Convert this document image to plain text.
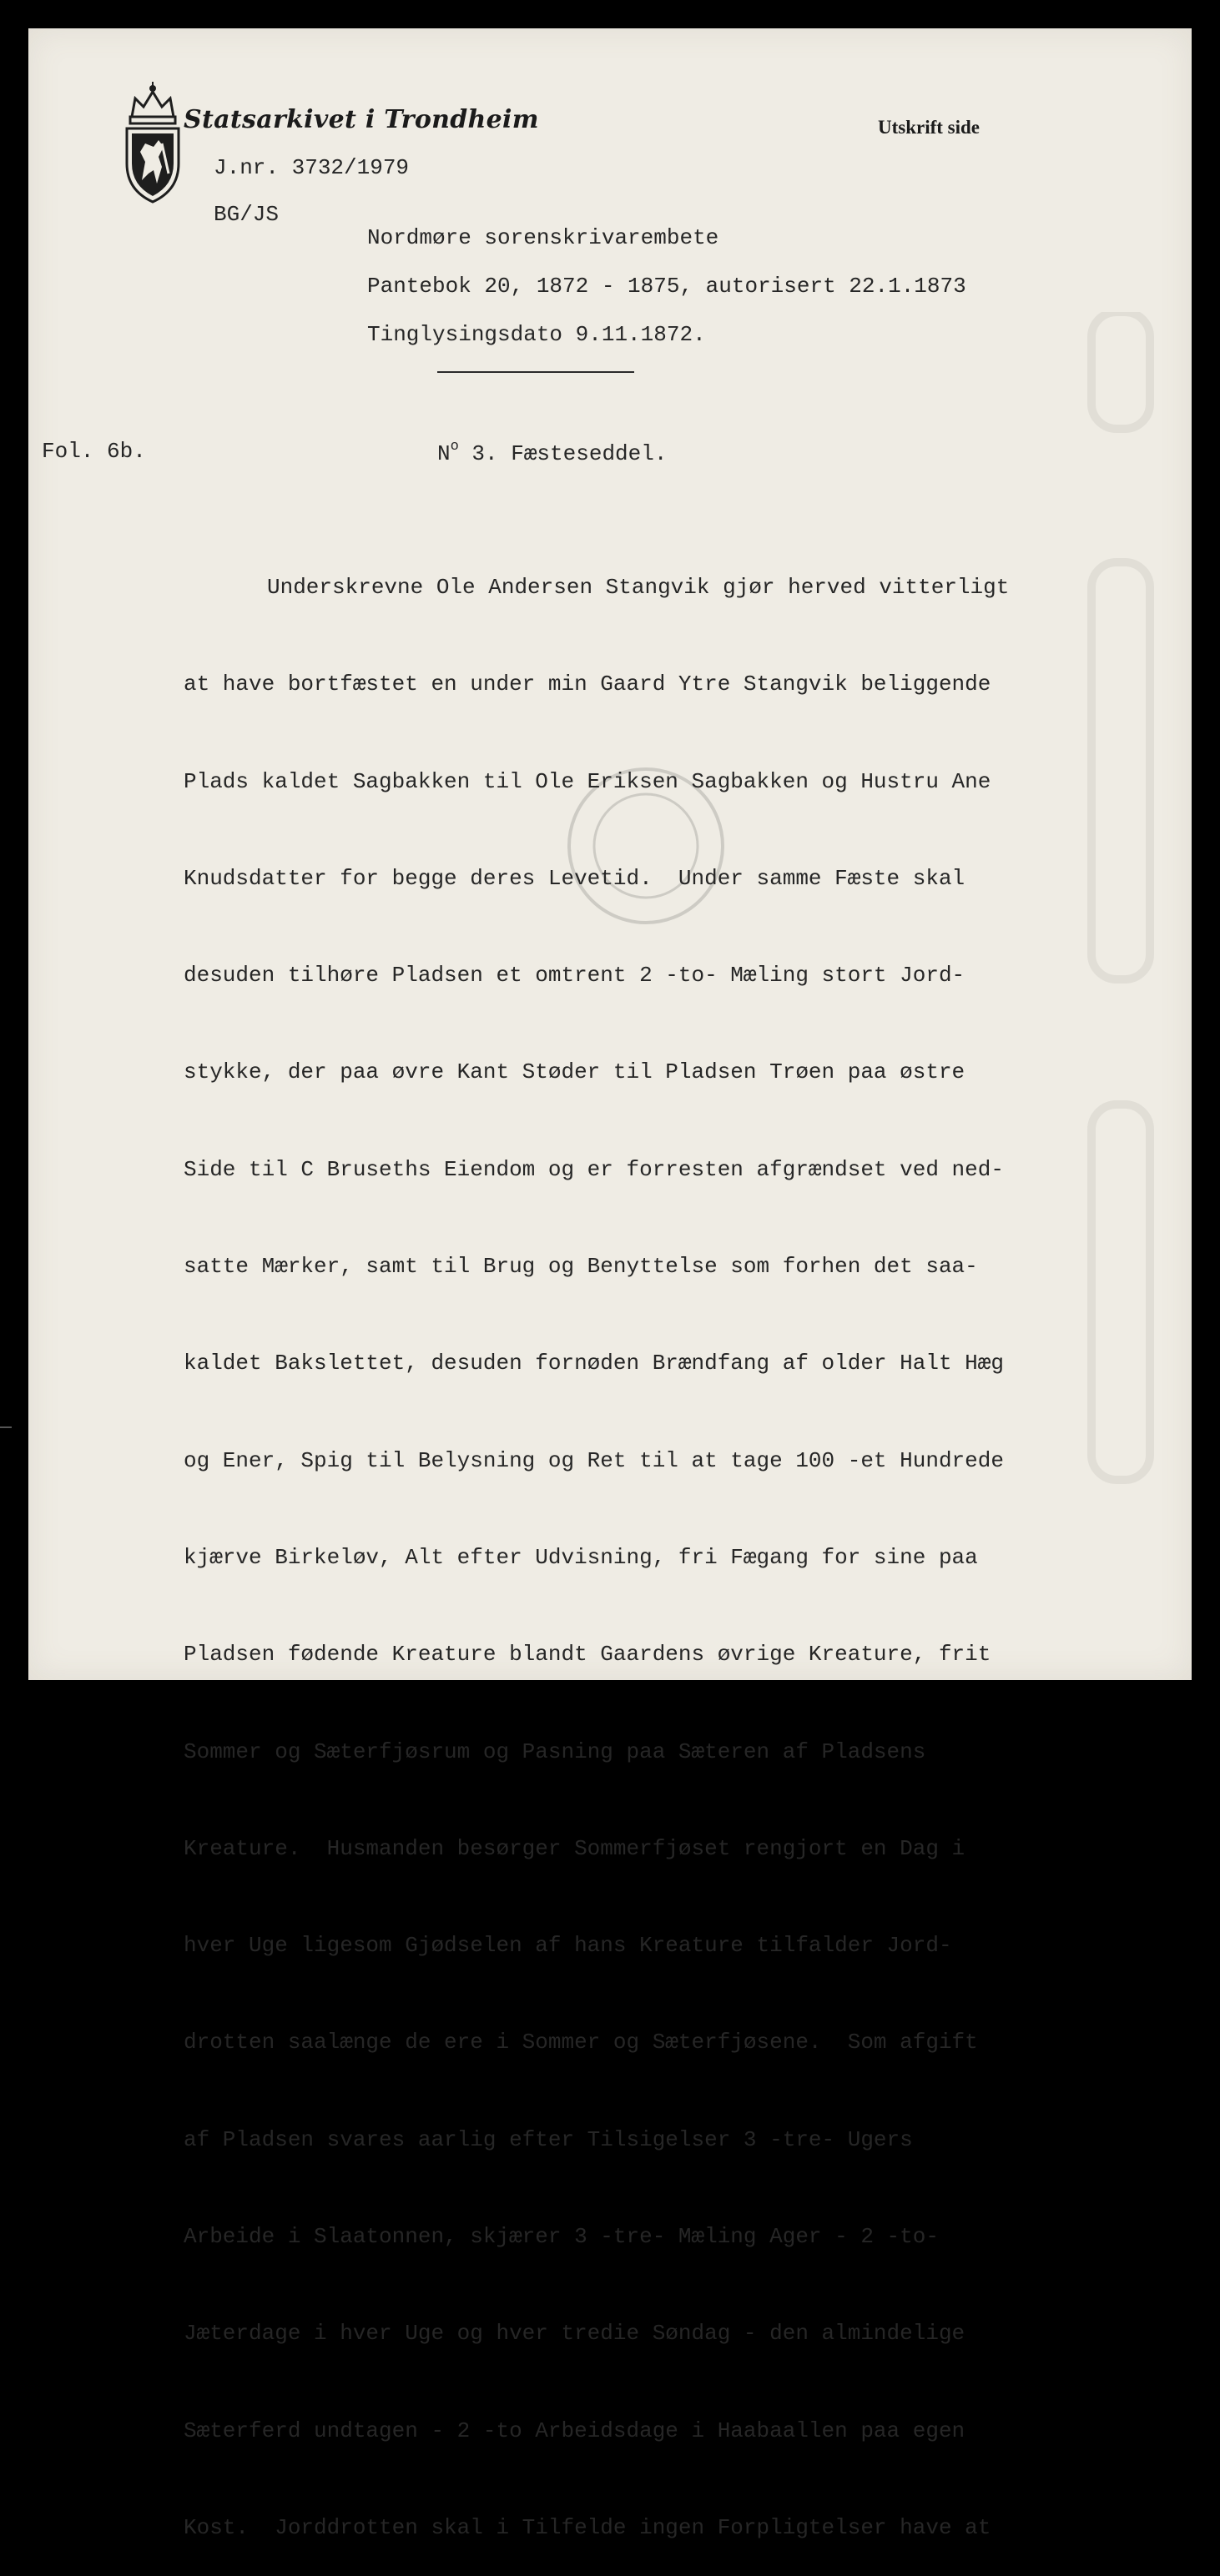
Statsarkivet i Trondheim	Utskrift side
J.nr. 3732/1979
BG/JS
Nordmøre sorenskrivarembete
Pantebok 20, 1872 - 1875, autorisert 22.1.1873
Tinglysingsdato 9.11.1872.
Fol. 6b.	$N^o$ 3. Fæsteseddel.

Underskrevne Ole Andersen Stangvik gjør herved vitterligt

at have bortfæstet en under min Gaard Ytre Stangvik beliggende

Plads kaldet Sagbakken til Ole Eriksen Sagbakken og Hustru Ane

Knudsdatter for begge deres Levetid.  Under samme Fæste skal

desuden tilhøre Pladsen et omtrent 2 -to- Mæling stort Jord-

stykke, der paa øvre Kant Støder til Pladsen Trøen paa østre

Side til C Bruseths Eiendom og er forresten afgrændset ved ned-

satte Mærker, samt til Brug og Benyttelse som forhen det saa-

kaldet Bakslettet, desuden fornøden Brændfang af older Halt Hæg

og Ener, Spig til Belysning og Ret til at tage 100 -et Hundrede

kjærve Birkeløv, Alt efter Udvisning, fri Fægang for sine paa

Pladsen fødende Kreature blandt Gaardens øvrige Kreature, frit

Sommer og Sæterfjøsrum og Pasning paa Sæteren af Pladsens

Kreature.  Husmanden besørger Sommerfjøset rengjort en Dag i

hver Uge ligesom Gjødselen af hans Kreature tilfalder Jord-

drotten saalænge de ere i Sommer og Sæterfjøsene.  Som afgift

af Pladsen svares aarlig efter Tilsigelser 3 -tre- Ugers

Arbeide i Slaatonnen, skjærer 3 -tre- Mæling Ager - 2 -to-

Jæterdage i hver Uge og hver tredie Søndag - den almindelige

Sæterferd undtagen - 2 -to Arbeidsdage i Haabaallen paa egen

Kost.  Jorddrotten skal i Tilfelde ingen Forpligtelser have at
